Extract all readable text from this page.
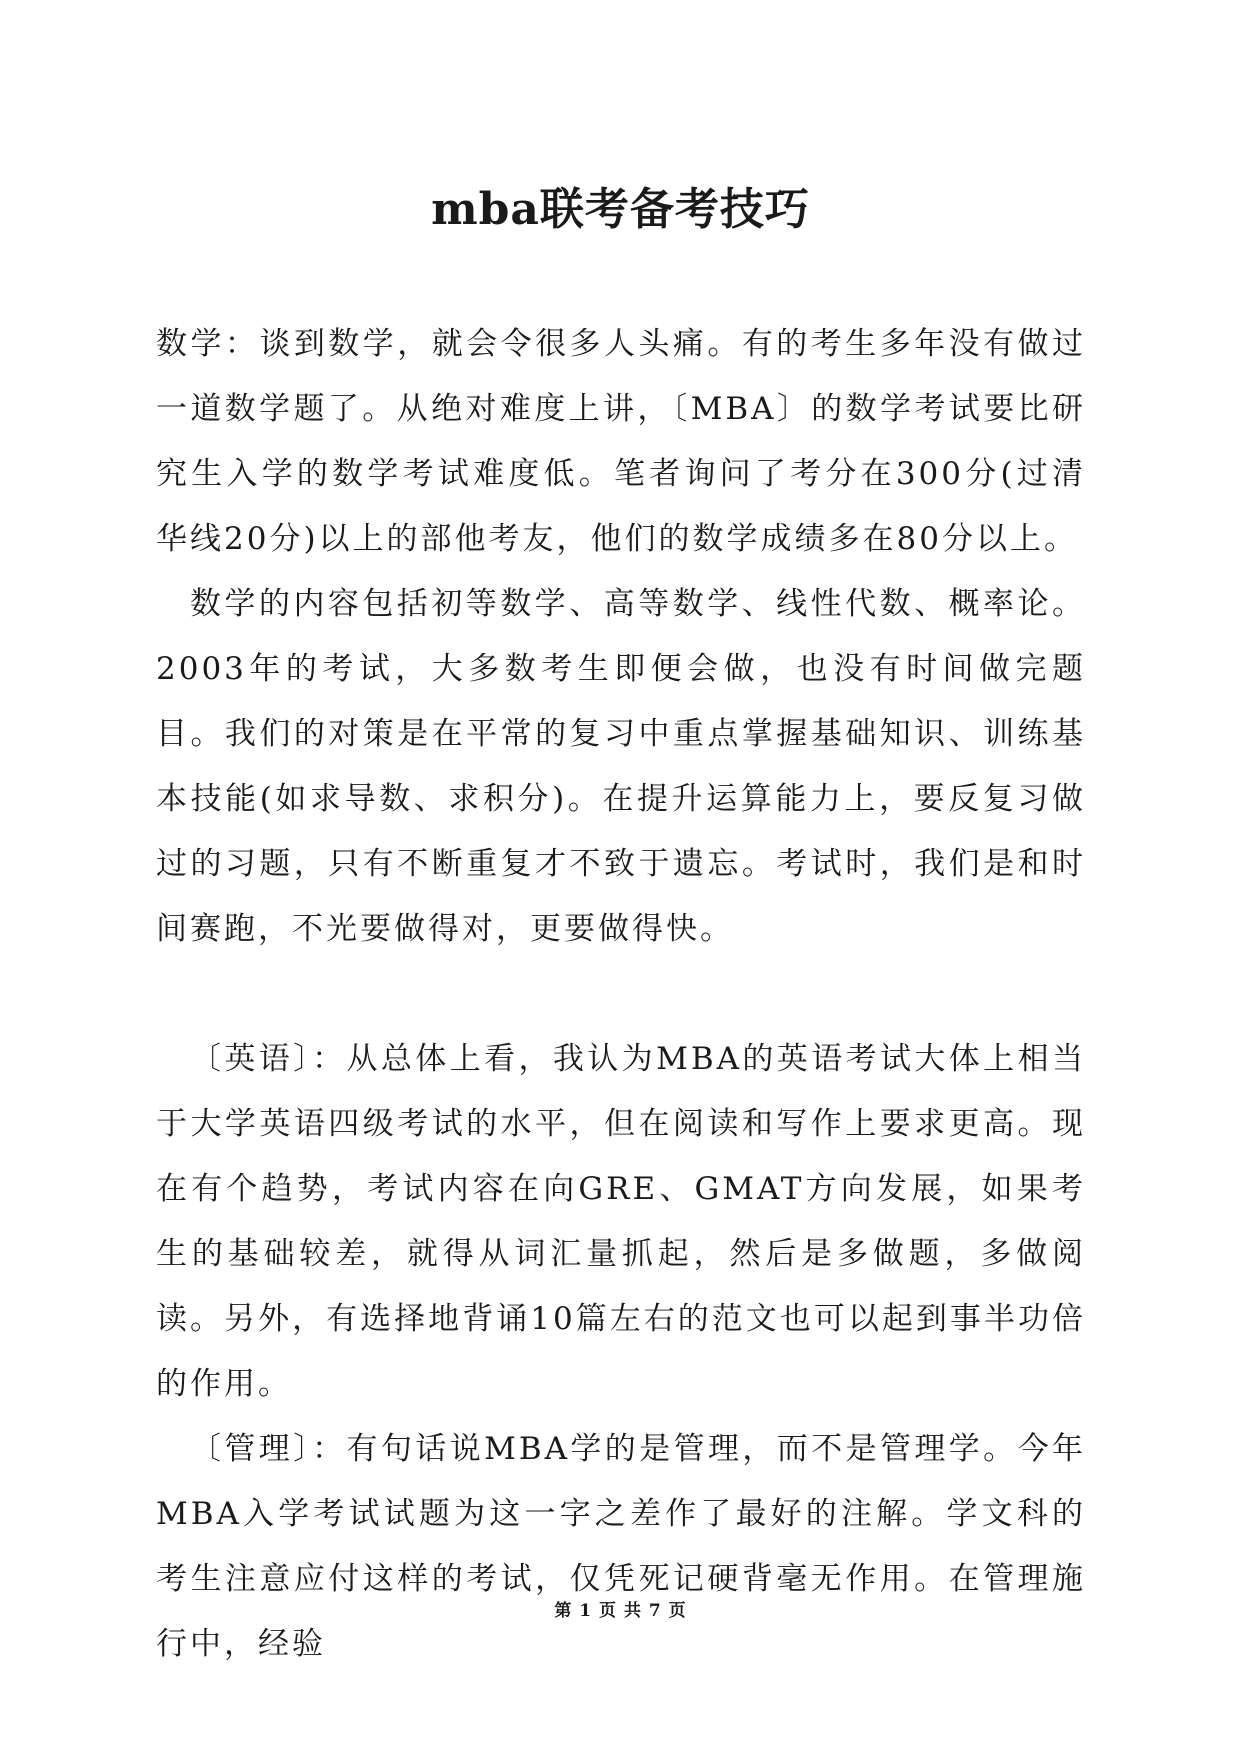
mba联考备考技巧

数学：谈到数学，就会令很多人头痛。有的考生多年没有做过一道数学题了。从绝对难度上讲，〔MBA〕的数学考试要比研究生入学的数学考试难度低。笔者询问了考分在300分(过清华线20分)以上的部他考友，他们的数学成绩多在80分以上。

数学的内容包括初等数学、高等数学、线性代数、概率论。2003年的考试，大多数考生即便会做，也没有时间做完题目。我们的对策是在平常的复习中重点掌握基础知识、训练基本技能(如求导数、求积分)。在提升运算能力上，要反复习做过的习题，只有不断重复才不致于遗忘。考试时，我们是和时间赛跑，不光要做得对，更要做得快。

〔英语〕：从总体上看，我认为MBA的英语考试大体上相当于大学英语四级考试的水平，但在阅读和写作上要求更高。现在有个趋势，考试内容在向GRE、GMAT方向发展，如果考生的基础较差，就得从词汇量抓起，然后是多做题，多做阅读。另外，有选择地背诵10篇左右的范文也可以起到事半功倍的作用。

〔管理〕：有句话说MBA学的是管理，而不是管理学。今年MBA入学考试试题为这一字之差作了最好的注解。学文科的考生注意应付这样的考试，仅凭死记硬背毫无作用。在管理施行中，经验

第 1 页 共 7 页
